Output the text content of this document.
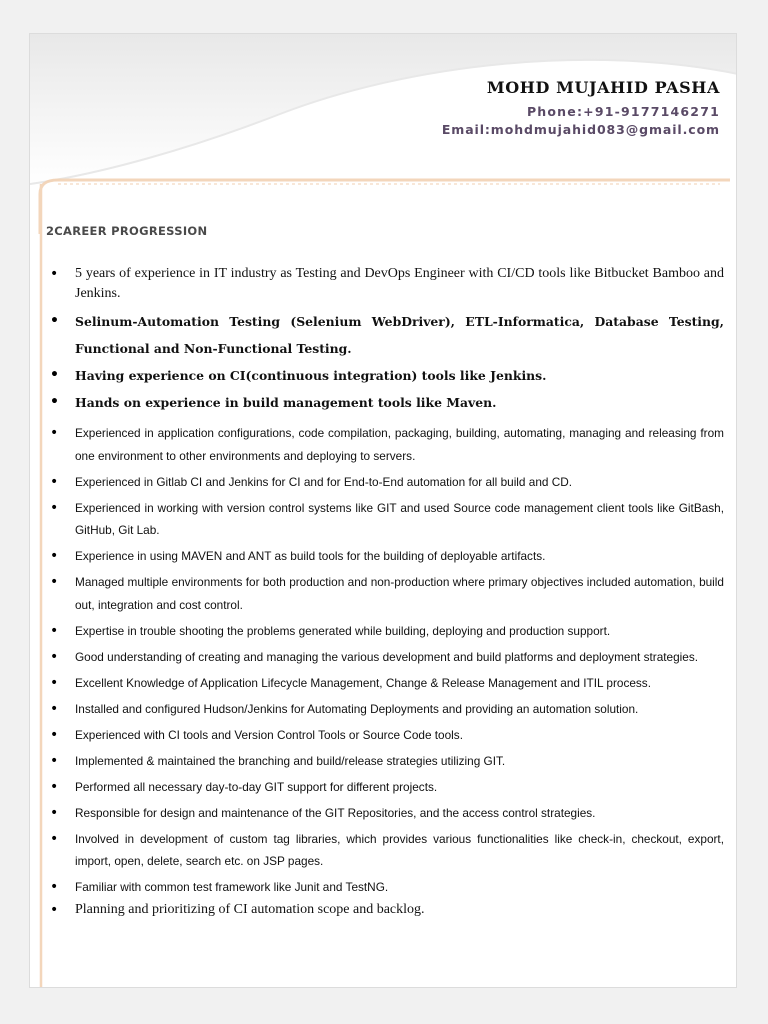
MOHD MUJAHID PASHA
Phone:+91-9177146271
Email:mohdmujahid083@gmail.com
2CAREER PROGRESSION
• 5 years of experience in IT industry as Testing and DevOps Engineer with CI/CD tools like Bitbucket Bamboo and Jenkins.
• Selinum-Automation Testing (Selenium WebDriver), ETL-Informatica, Database Testing, Functional and Non-Functional Testing.
• Having experience on CI(continuous integration) tools like Jenkins.
• Hands on experience in build management tools like Maven.
• Experienced in application configurations, code compilation, packaging, building, automating, managing and releasing from one environment to other environments and deploying to servers.
• Experienced in Gitlab CI and Jenkins for CI and for End-to-End automation for all build and CD.
• Experienced in working with version control systems like GIT and used Source code management client tools like GitBash, GitHub, Git Lab.
• Experience in using MAVEN and ANT as build tools for the building of deployable artifacts.
• Managed multiple environments for both production and non-production where primary objectives included automation, build out, integration and cost control.
• Expertise in trouble shooting the problems generated while building, deploying and production support.
• Good understanding of creating and managing the various development and build platforms and deployment strategies.
• Excellent Knowledge of Application Lifecycle Management, Change & Release Management and ITIL process.
• Installed and configured Hudson/Jenkins for Automating Deployments and providing an automation solution.
• Experienced with CI tools and Version Control Tools or Source Code tools.
• Implemented & maintained the branching and build/release strategies utilizing GIT.
• Performed all necessary day-to-day GIT support for different projects.
• Responsible for design and maintenance of the GIT Repositories, and the access control strategies.
• Involved in development of custom tag libraries, which provides various functionalities like check-in, checkout, export, import, open, delete, search etc. on JSP pages.
• Familiar with common test framework like Junit and TestNG.
• Planning and prioritizing of CI automation scope and backlog.
